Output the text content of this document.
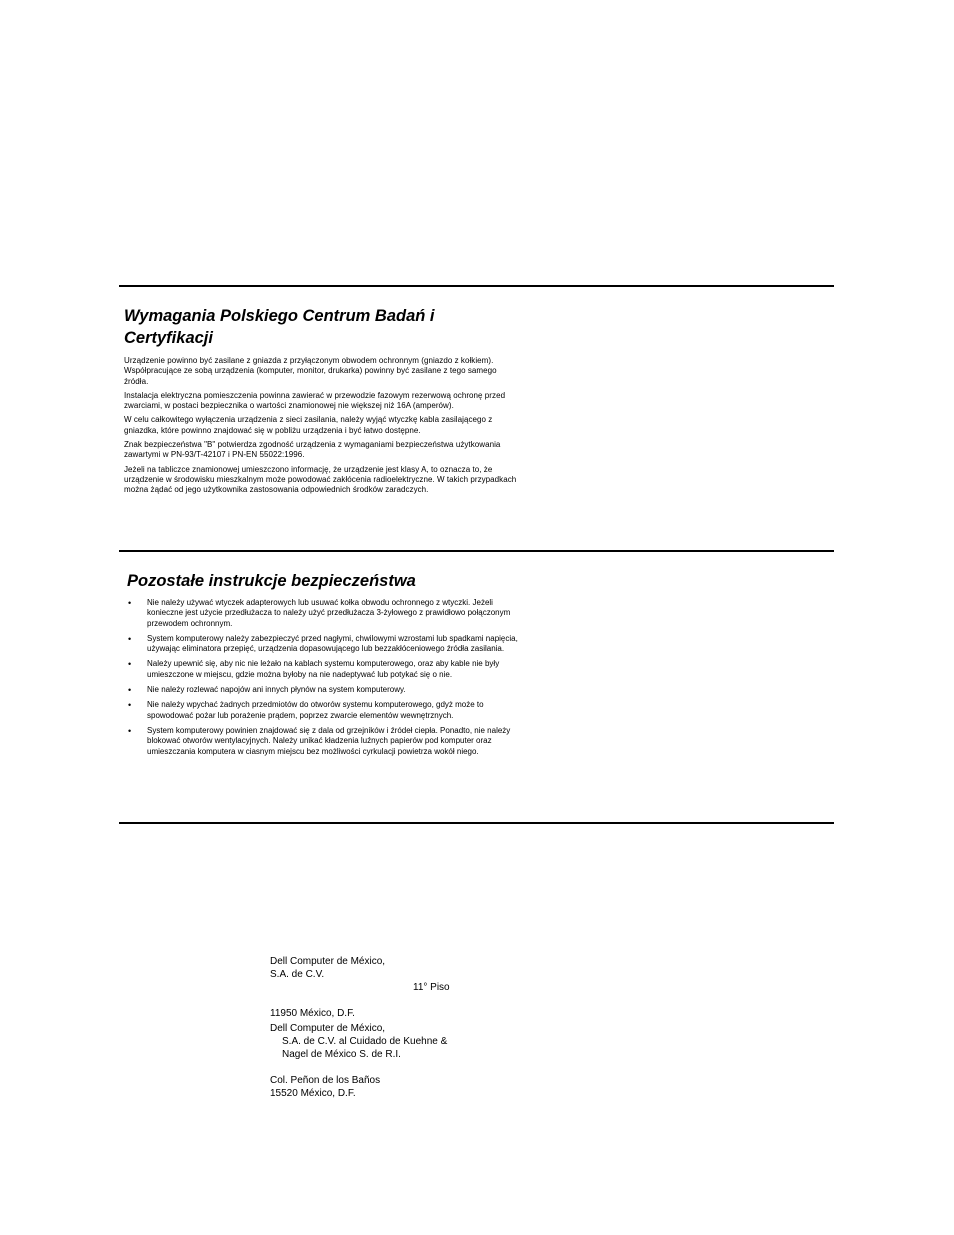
Wymagania Polskiego Centrum Badań i
Certyfikacji

Urządzenie powinno być zasilane z gniazda z przyłączonym obwodem ochronnym (gniazdo z kołkiem). Współpracujące ze sobą urządzenia (komputer, monitor, drukarka) powinny być zasilane z tego samego źródła.

Instalacja elektryczna pomieszczenia powinna zawierać w przewodzie fazowym rezerwową ochronę przed zwarciami, w postaci bezpiecznika o wartości znamionowej nie większej niż 16A (amperów).

W celu całkowitego wyłączenia urządzenia z sieci zasilania, należy wyjąć wtyczkę kabla zasilającego z gniazdka, które powinno znajdować się w pobliżu urządzenia i być łatwo dostępne.

Znak bezpieczeństwa "B" potwierdza zgodność urządzenia z wymaganiami bezpieczeństwa użytkowania zawartymi w PN-93/T-42107 i PN-EN 55022:1996.

Jeżeli na tabliczce znamionowej umieszczono informację, że urządzenie jest klasy A, to oznacza to, że urządzenie w środowisku mieszkalnym może powodować zakłócenia radioelektryczne. W takich przypadkach można żądać od jego użytkownika zastosowania odpowiednich środków zaradczych.

Pozostałe instrukcje bezpieczeństwa
• Nie należy używać wtyczek adapterowych lub usuwać kołka obwodu ochronnego z wtyczki. Jeżeli konieczne jest użycie przedłużacza to należy użyć przedłużacza 3-żyłowego z prawidłowo połączonym przewodem ochronnym.
• System komputerowy należy zabezpieczyć przed nagłymi, chwilowymi wzrostami lub spadkami napięcia, używając eliminatora przepięć, urządzenia dopasowującego lub bezzakłóceniowego źródła zasilania.
• Należy upewnić się, aby nic nie leżało na kablach systemu komputerowego, oraz aby kable nie były umieszczone w miejscu, gdzie można byłoby na nie nadeptywać lub potykać się o nie.
• Nie należy rozlewać napojów ani innych płynów na system komputerowy.
• Nie należy wpychać żadnych przedmiotów do otworów systemu komputerowego, gdyż może to spowodować pożar lub porażenie prądem, poprzez zwarcie elementów wewnętrznych.
• System komputerowy powinien znajdować się z dala od grzejników i źródeł ciepła. Ponadto, nie należy blokować otworów wentylacyjnych. Należy unikać kładzenia luźnych papierów pod komputer oraz umieszczania komputera w ciasnym miejscu bez możliwości cyrkulacji powietrza wokół niego.
Dell Computer de México,
S.A. de C.V.
11° Piso
11950 México, D.F.
Dell Computer de México,
S.A. de C.V. al Cuidado de Kuehne &
Nagel de México S. de R.I.
Col. Peñon de los Baños
15520 México, D.F.
